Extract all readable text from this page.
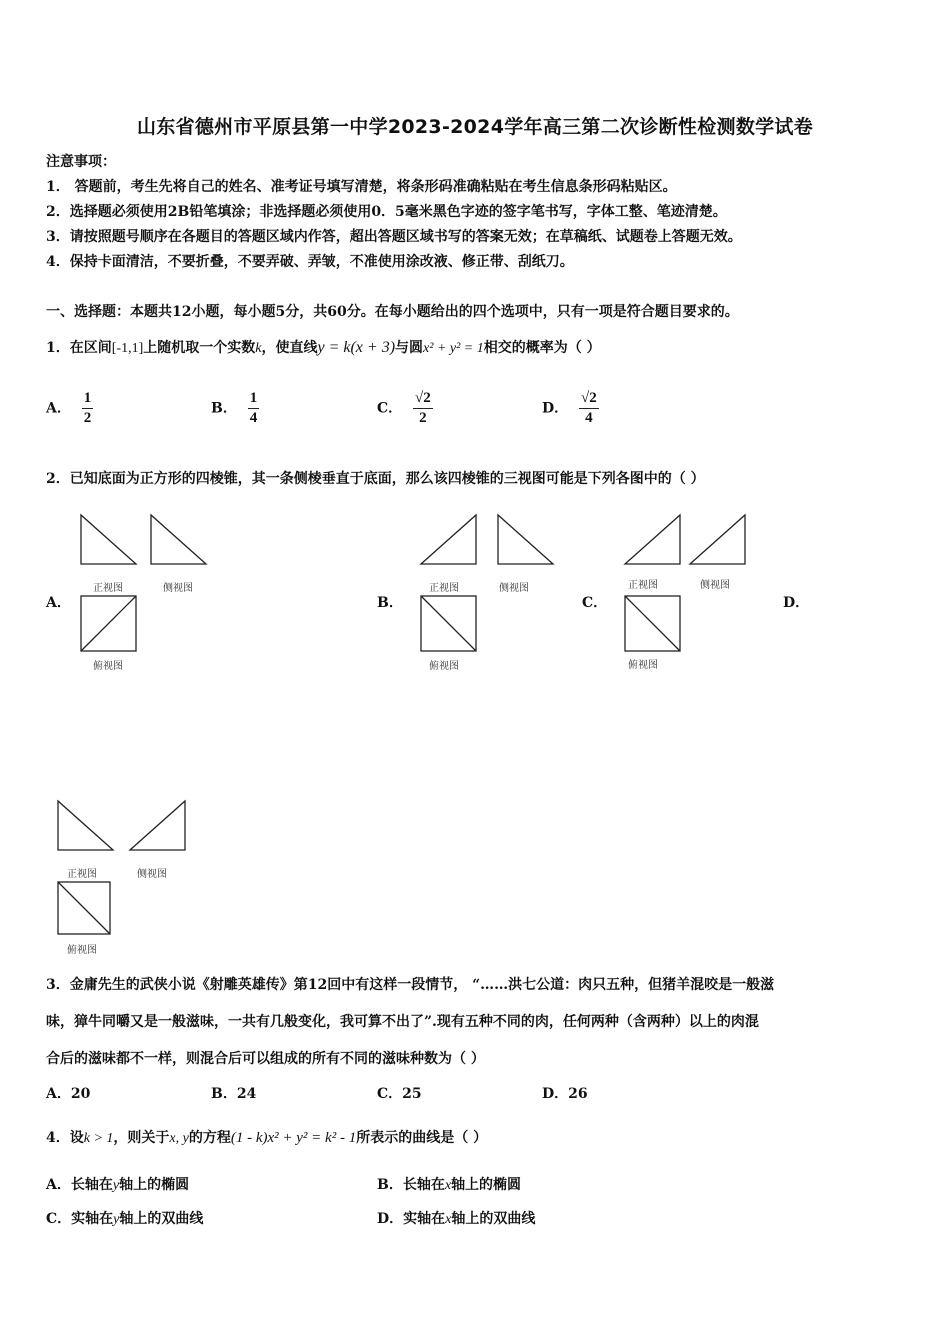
山东省德州市平原县第一中学2023-2024学年高三第二次诊断性检测数学试卷
注意事项：
1． 答题前，考生先将自己的姓名、准考证号填写清楚，将条形码准确粘贴在考生信息条形码粘贴区。
2．选择题必须使用2B铅笔填涂；非选择题必须使用0．5毫米黑色字迹的签字笔书写，字体工整、笔迹清楚。
3．请按照题号顺序在各题目的答题区域内作答，超出答题区域书写的答案无效；在草稿纸、试题卷上答题无效。
4．保持卡面清洁，不要折叠，不要弄破、弄皱，不准使用涂改液、修正带、刮纸刀。
一、选择题：本题共12小题，每小题5分，共60分。在每小题给出的四个选项中，只有一项是符合题目要求的。
1．在区间[-1,1]上随机取一个实数k，使直线y = k(x + 3)与圆x² + y² = 1相交的概率为（ ）
A． $\frac{1}{2}$	B． $\frac{1}{4}$	C． $\frac{√2}{2}$	D． $\frac{√2}{4}$
2．已知底面为正方形的四棱锥，其一条侧棱垂直于底面，那么该四棱锥的三视图可能是下列各图中的（ ）
A．
正视图	侧视图
俯视图
B．
正视图	侧视图
俯视图
C．
正视图	侧视图
俯视图
D．
正视图	侧视图
俯视图
3．金庸先生的武侠小说《射雕英雄传》第12回中有这样一段情节， “……洪七公道：肉只五种，但猪羊混咬是一般滋
味，獐牛同嚼又是一般滋味，一共有几般变化，我可算不出了”.现有五种不同的肉，任何两种（含两种）以上的肉混
合后的滋味都不一样，则混合后可以组成的所有不同的滋味种数为（ ）
A．20	B．24	C．25	D．26
4．设k > 1，则关于x, y的方程(1 - k)x² + y² = k² - 1所表示的曲线是（ ）
A．长轴在y轴上的椭圆	B．长轴在x轴上的椭圆
C．实轴在y轴上的双曲线	D．实轴在x轴上的双曲线
